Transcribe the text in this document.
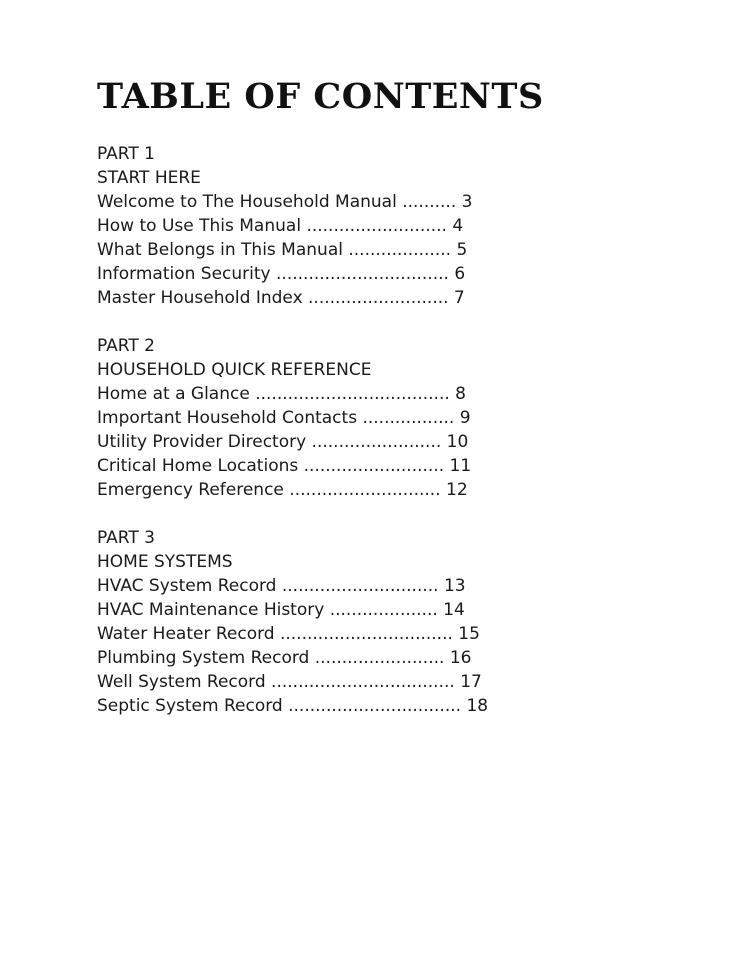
TABLE OF CONTENTS
PART 1
START HERE
Welcome to The Household Manual .......... 3
How to Use This Manual .......................... 4
What Belongs in This Manual ................... 5
Information Security ................................ 6
Master Household Index .......................... 7
PART 2
HOUSEHOLD QUICK REFERENCE
Home at a Glance .................................... 8
Important Household Contacts ................. 9
Utility Provider Directory ........................ 10
Critical Home Locations .......................... 11
Emergency Reference ............................ 12
PART 3
HOME SYSTEMS
HVAC System Record ............................. 13
HVAC Maintenance History .................... 14
Water Heater Record ................................ 15
Plumbing System Record ........................ 16
Well System Record .................................. 17
Septic System Record ................................ 18
